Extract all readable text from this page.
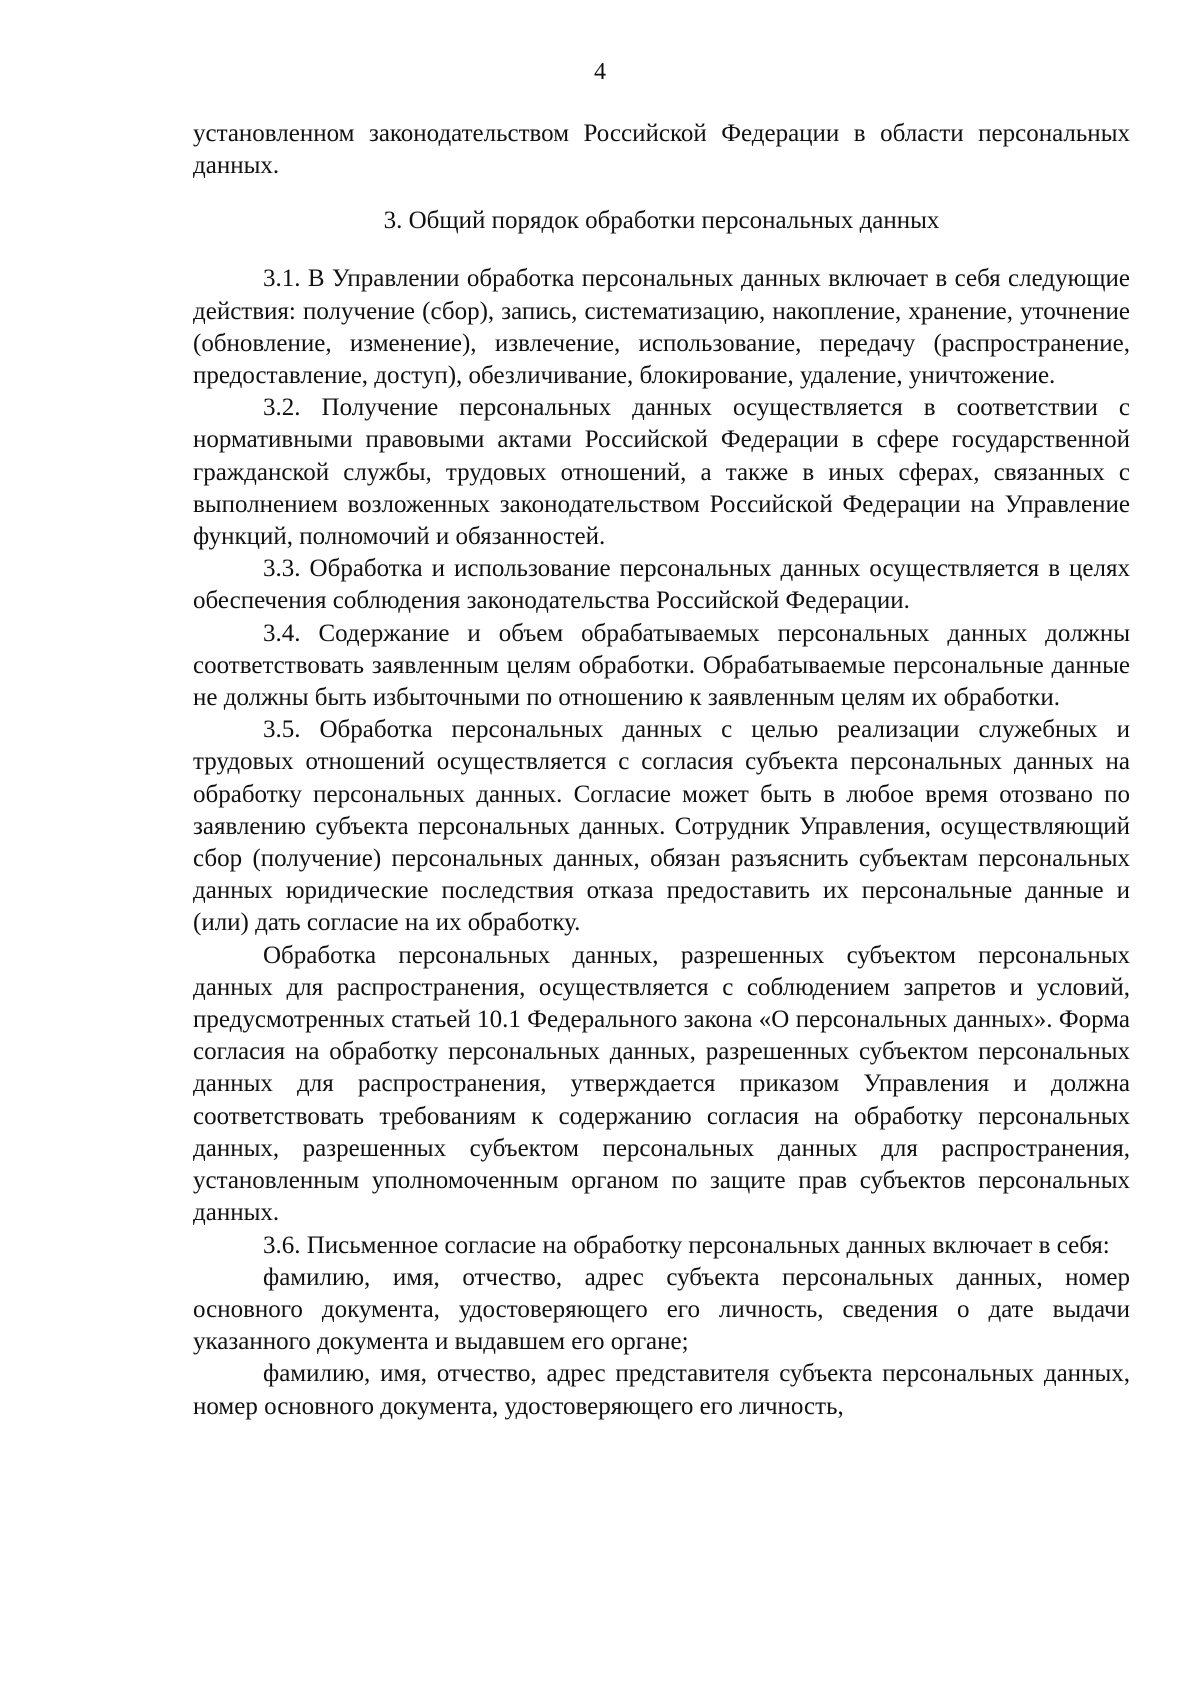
4

установленном законодательством Российской Федерации в области персональных данных.

3. Общий порядок обработки персональных данных

3.1. В Управлении обработка персональных данных включает в себя следующие действия: получение (сбор), запись, систематизацию, накопление, хранение, уточнение (обновление, изменение), извлечение, использование, передачу (распространение, предоставление, доступ), обезличивание, блокирование, удаление, уничтожение.

3.2. Получение персональных данных осуществляется в соответствии с нормативными правовыми актами Российской Федерации в сфере государственной гражданской службы, трудовых отношений, а также в иных сферах, связанных с выполнением возложенных законодательством Российской Федерации на Управление функций, полномочий и обязанностей.

3.3. Обработка и использование персональных данных осуществляется в целях обеспечения соблюдения законодательства Российской Федерации.

3.4. Содержание и объем обрабатываемых персональных данных должны соответствовать заявленным целям обработки. Обрабатываемые персональные данные не должны быть избыточными по отношению к заявленным целям их обработки.

3.5. Обработка персональных данных с целью реализации служебных и трудовых отношений осуществляется с согласия субъекта персональных данных на обработку персональных данных. Согласие может быть в любое время отозвано по заявлению субъекта персональных данных. Сотрудник Управления, осуществляющий сбор (получение) персональных данных, обязан разъяснить субъектам персональных данных юридические последствия отказа предоставить их персональные данные и (или) дать согласие на их обработку.

Обработка персональных данных, разрешенных субъектом персональных данных для распространения, осуществляется с соблюдением запретов и условий, предусмотренных статьей 10.1 Федерального закона «О персональных данных». Форма согласия на обработку персональных данных, разрешенных субъектом персональных данных для распространения, утверждается приказом Управления и должна соответствовать требованиям к содержанию согласия на обработку персональных данных, разрешенных субъектом персональных данных для распространения, установленным уполномоченным органом по защите прав субъектов персональных данных.

3.6. Письменное согласие на обработку персональных данных включает в себя:

фамилию, имя, отчество, адрес субъекта персональных данных, номер основного документа, удостоверяющего его личность, сведения о дате выдачи указанного документа и выдавшем его органе;

фамилию, имя, отчество, адрес представителя субъекта персональных данных, номер основного документа, удостоверяющего его личность,
